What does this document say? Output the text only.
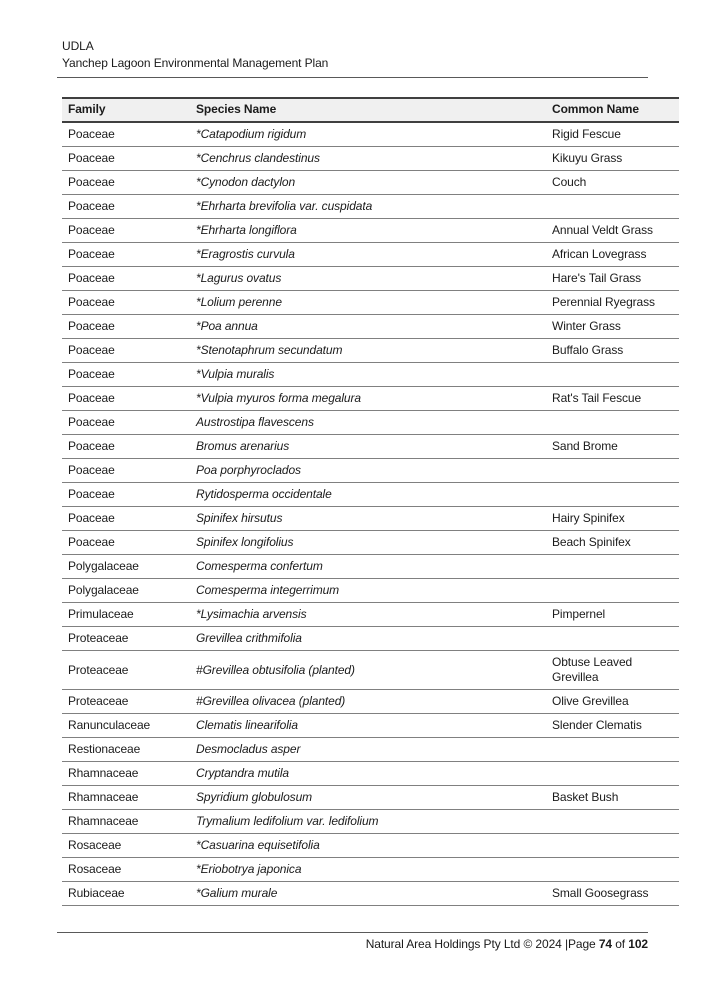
UDLA
Yanchep Lagoon Environmental Management Plan
Family	Species Name	Common Name
Poaceae	*Catapodium rigidum	Rigid Fescue
Poaceae	*Cenchrus clandestinus	Kikuyu Grass
Poaceae	*Cynodon dactylon	Couch
Poaceae	*Ehrharta brevifolia var. cuspidata	
Poaceae	*Ehrharta longiflora	Annual Veldt Grass
Poaceae	*Eragrostis curvula	African Lovegrass
Poaceae	*Lagurus ovatus	Hare's Tail Grass
Poaceae	*Lolium perenne	Perennial Ryegrass
Poaceae	*Poa annua	Winter Grass
Poaceae	*Stenotaphrum secundatum	Buffalo Grass
Poaceae	*Vulpia muralis	
Poaceae	*Vulpia myuros forma megalura	Rat's Tail Fescue
Poaceae	Austrostipa flavescens	
Poaceae	Bromus arenarius	Sand Brome
Poaceae	Poa porphyroclados	
Poaceae	Rytidosperma occidentale	
Poaceae	Spinifex hirsutus	Hairy Spinifex
Poaceae	Spinifex longifolius	Beach Spinifex
Polygalaceae	Comesperma confertum	
Polygalaceae	Comesperma integerrimum	
Primulaceae	*Lysimachia arvensis	Pimpernel
Proteaceae	Grevillea crithmifolia	
Proteaceae	#Grevillea obtusifolia (planted)	Obtuse Leaved Grevillea
Proteaceae	#Grevillea olivacea (planted)	Olive Grevillea
Ranunculaceae	Clematis linearifolia	Slender Clematis
Restionaceae	Desmocladus asper	
Rhamnaceae	Cryptandra mutila	
Rhamnaceae	Spyridium globulosum	Basket Bush
Rhamnaceae	Trymalium ledifolium var. ledifolium	
Rosaceae	*Casuarina equisetifolia	
Rosaceae	*Eriobotrya japonica	
Rubiaceae	*Galium murale	Small Goosegrass
Natural Area Holdings Pty Ltd © 2024 |Page 74 of 102
